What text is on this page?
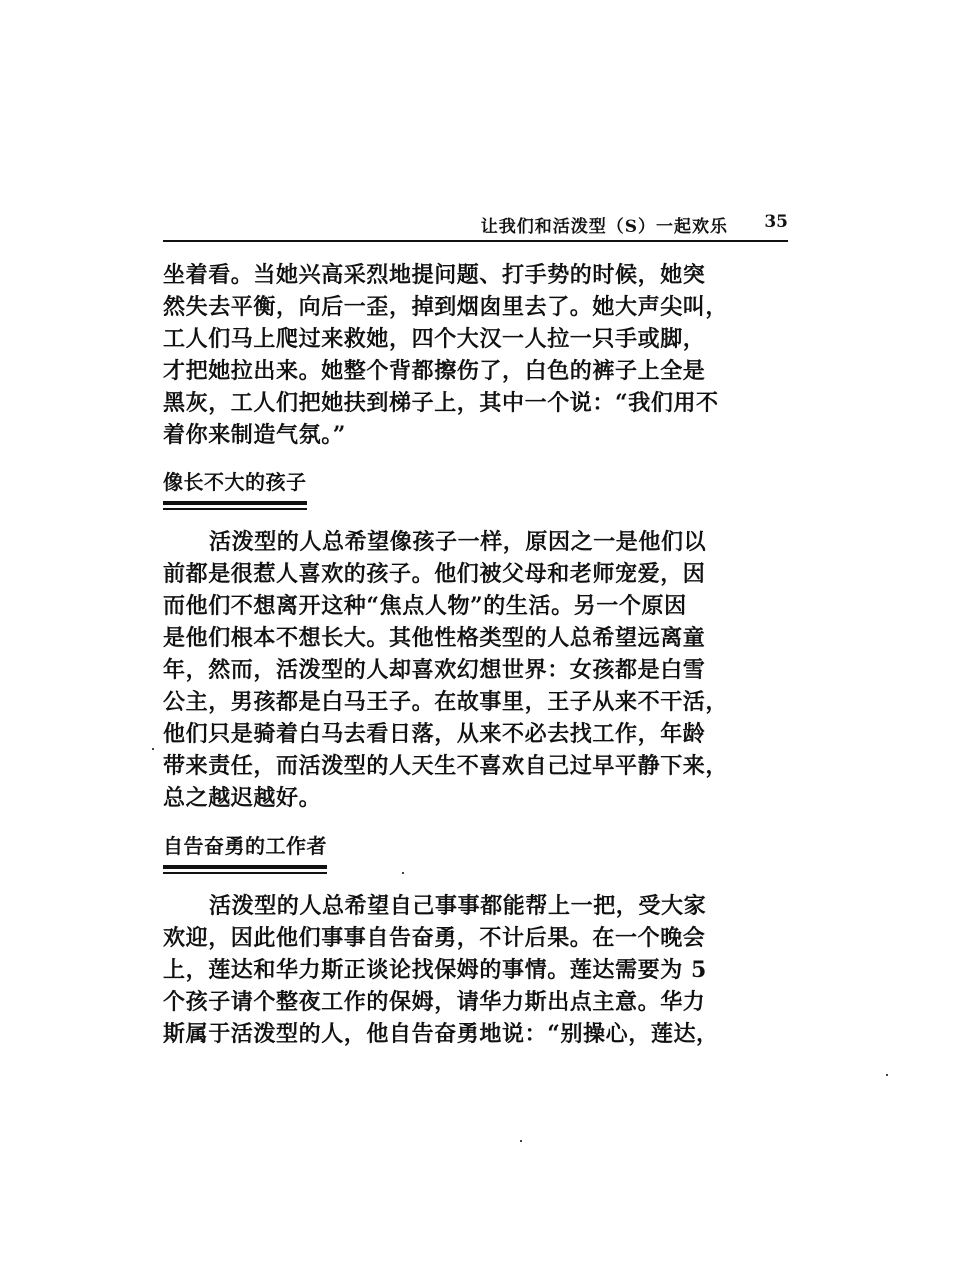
让我们和活泼型（S）一起欢乐 35
坐着看。当她兴高采烈地提问题、打手势的时候，她突
然失去平衡，向后一歪，掉到烟囱里去了。她大声尖叫，
工人们马上爬过来救她，四个大汉一人拉一只手或脚，
才把她拉出来。她整个背都擦伤了，白色的裤子上全是
黑灰，工人们把她扶到梯子上，其中一个说：“我们用不
着你来制造气氛。”
像长不大的孩子
活泼型的人总希望像孩子一样，原因之一是他们以
前都是很惹人喜欢的孩子。他们被父母和老师宠爱，因
而他们不想离开这种“焦点人物”的生活。另一个原因
是他们根本不想长大。其他性格类型的人总希望远离童
年，然而，活泼型的人却喜欢幻想世界：女孩都是白雪
公主，男孩都是白马王子。在故事里，王子从来不干活，
他们只是骑着白马去看日落，从来不必去找工作，年龄
带来责任，而活泼型的人天生不喜欢自己过早平静下来，
总之越迟越好。
自告奋勇的工作者
活泼型的人总希望自己事事都能帮上一把，受大家
欢迎，因此他们事事自告奋勇，不计后果。在一个晚会
上，莲达和华力斯正谈论找保姆的事情。莲达需要为 5
个孩子请个整夜工作的保姆，请华力斯出点主意。华力
斯属于活泼型的人，他自告奋勇地说：“别操心，莲达，
